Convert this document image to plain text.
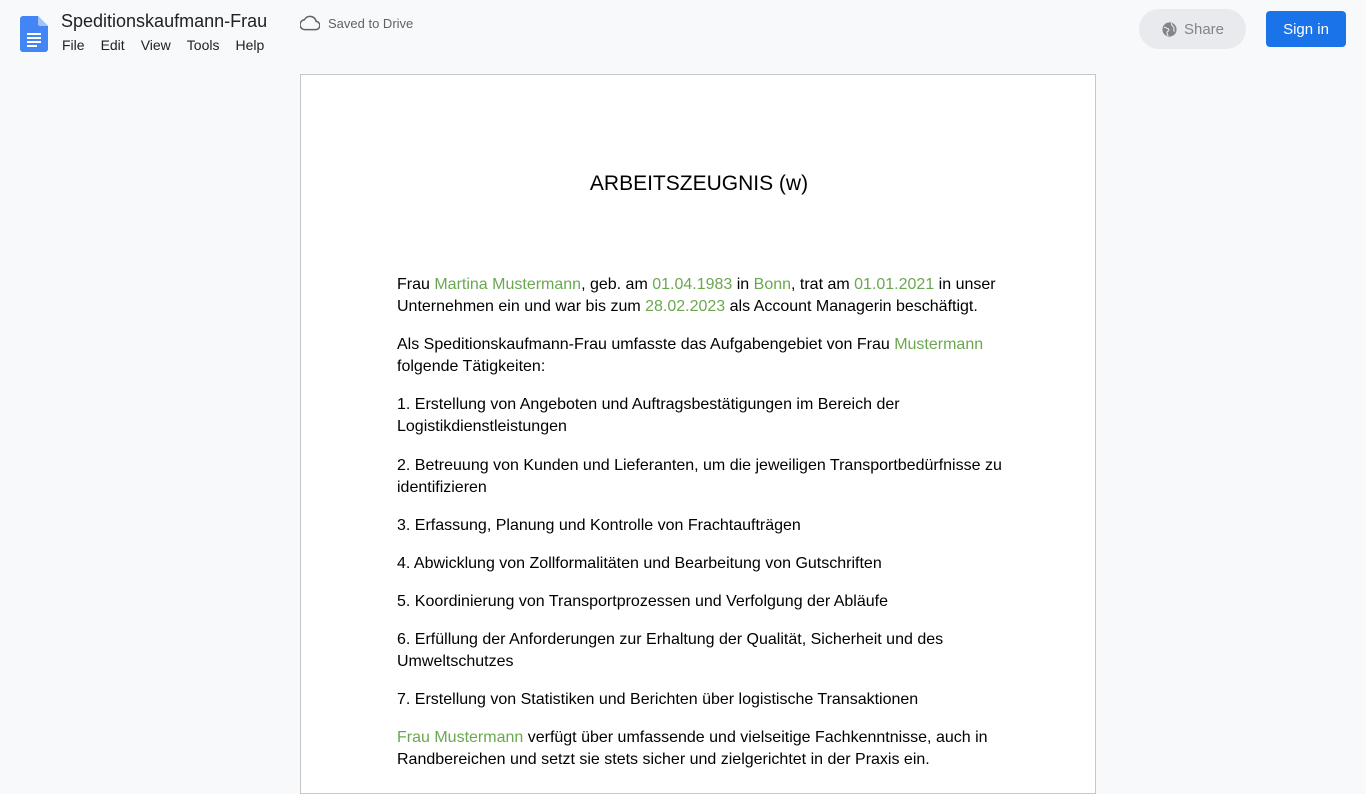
Speditionskaufmann-Frau	Saved to Drive
File	Edit	View	Tools	Help
Share	Sign in
ARBEITSZEUGNIS (w)

Frau Martina Mustermann, geb. am 01.04.1983 in Bonn, trat am 01.01.2021 in unser Unternehmen ein und war bis zum 28.02.2023 als Account Managerin beschäftigt.

Als Speditionskaufmann-Frau umfasste das Aufgabengebiet von Frau Mustermann folgende Tätigkeiten:

1. Erstellung von Angeboten und Auftragsbestätigungen im Bereich der Logistikdienstleistungen

2. Betreuung von Kunden und Lieferanten, um die jeweiligen Transportbedürfnisse zu identifizieren

3. Erfassung, Planung und Kontrolle von Frachtaufträgen

4. Abwicklung von Zollformalitäten und Bearbeitung von Gutschriften

5. Koordinierung von Transportprozessen und Verfolgung der Abläufe

6. Erfüllung der Anforderungen zur Erhaltung der Qualität, Sicherheit und des Umweltschutzes

7. Erstellung von Statistiken und Berichten über logistische Transaktionen

Frau Mustermann verfügt über umfassende und vielseitige Fachkenntnisse, auch in Randbereichen und setzt sie stets sicher und zielgerichtet in der Praxis ein.
